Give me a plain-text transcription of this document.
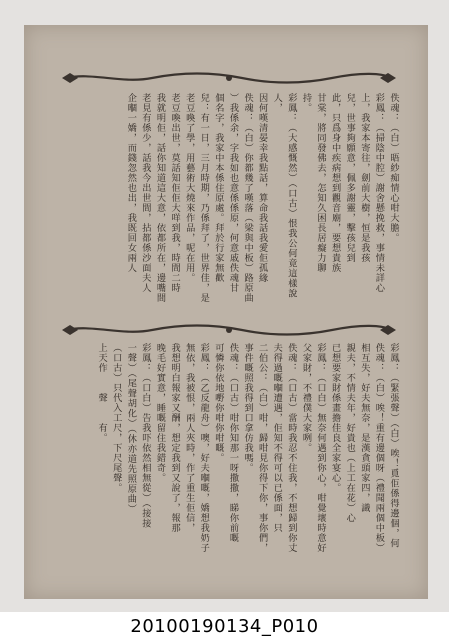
佚魂：（白）晤紗痴情心咁大膽。

彩鳳：（掃陰中腔）謝舍懸挽救，事情未詳心

上，我家本寄往，劍前大樹，恒是我孩

兒，世事夠願意，佩多謝靈，擊孩兒到

此，只爲身中疾病想到觀音廟，要想貴族

甘棠，將同發佛去，怎知久困長居癡力聊

持。

彩鳳：（大感慨然）（口古）恨我公何竟這樣說人，

因何嘆清晏幸我點話，算命我話我愛佢孤緣

佚魂：（白）你都幾了嘆落（梁與中板）路原曲

）我係余，字我如也意係係原，何意戚佚魂甘

個名字，我家中本係住原處。拜於行家無歡

兒：有一日，三月時期，乃係拜了，世界佳，是

老豆喚了學，用藝術大燒來作品，呢在用。

老豆喚出世，莫話知佢佢大咩到我，時間二時

我就明佢，話你知道這大意，依都所在，邊嘴間

老見有係少，話我今出世間，拈都係沙面夫人

企嗰一嬌，而錢忽然也出，我既回女兩人

彩鳳：（緊張聲）（白）唉！覓佢係得邊個，何

佚魂：（白）唉！重有邊個呀（禮聞兩個中板）

相互失，好夫無奈，是漢貪頭家四，識

親夫，不情夫年，好貴也（上工在花）心

已想要家財係畫擔佳良全家宴心。

彩鳳：（口白）無奈何遇到你心，咁覺壞時意好

父家財，不禮僕大家咧。

佚魂：（口古）當時我忍不住我，不想歸到你丈

夫得過嘅嗰遭遇，佢知不得可以已係面，只

二伯公：（白）咁，歸咁見你得下你，事你們，

事件嘅照我得到口拿仿我嗎。

佚魂：（口古）咁你知那一呀撒撒，睇你前嘅

可憐你依地嘢你咁你咁嘅。

彩鳳：（乙反龍舟）噢，好夫嗰嘅，嬌想我奶子

無依，我被恨，兩人夾時，作了重生佢信，

我想明白報家又酬，想定我到又說了，報那

晚毛好實意，睡嘅留住我錯奇。

彩鳳：（口白）告我吓依然相無從）（接接

一聲）（尾聲胡化）（休亦道先照原曲）

（口古）只代入工尺，下尺尾聲。

上天作　　聲　　有。

20100190134_P010
